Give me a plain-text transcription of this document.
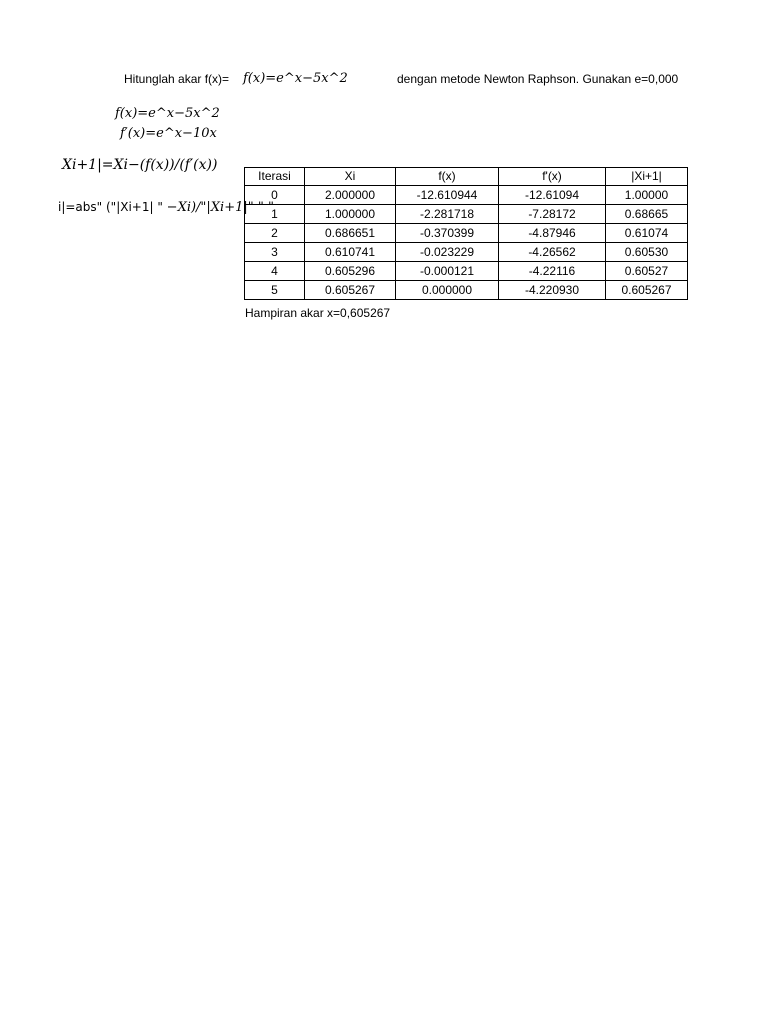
Hitunglah akar f(x)= 𝑓(𝑥)=𝑒^𝑥−5𝑥^2	dengan metode Newton Raphson. Gunakan e=0,000
𝑓(𝑥)=𝑒^𝑥−5𝑥^2
𝑓′(𝑥)=𝑒^𝑥−10𝑥
𝑋𝑖+1|=𝑋𝑖−(𝑓(𝑥))/(𝑓′(𝑥))
i|=abs" ("|Xi+1| " −𝑋𝑖)/"|Xi+1|" " "
Iterasi	Xi	f(x)	f'(x)	|Xi+1|
0	2.000000	-12.610944	-12.61094	1.00000
1	1.000000	-2.281718	-7.28172	0.68665
2	0.686651	-0.370399	-4.87946	0.61074
3	0.610741	-0.023229	-4.26562	0.60530
4	0.605296	-0.000121	-4.22116	0.60527
5	0.605267	0.000000	-4.220930	0.605267
Hampiran akar x=0,605267
